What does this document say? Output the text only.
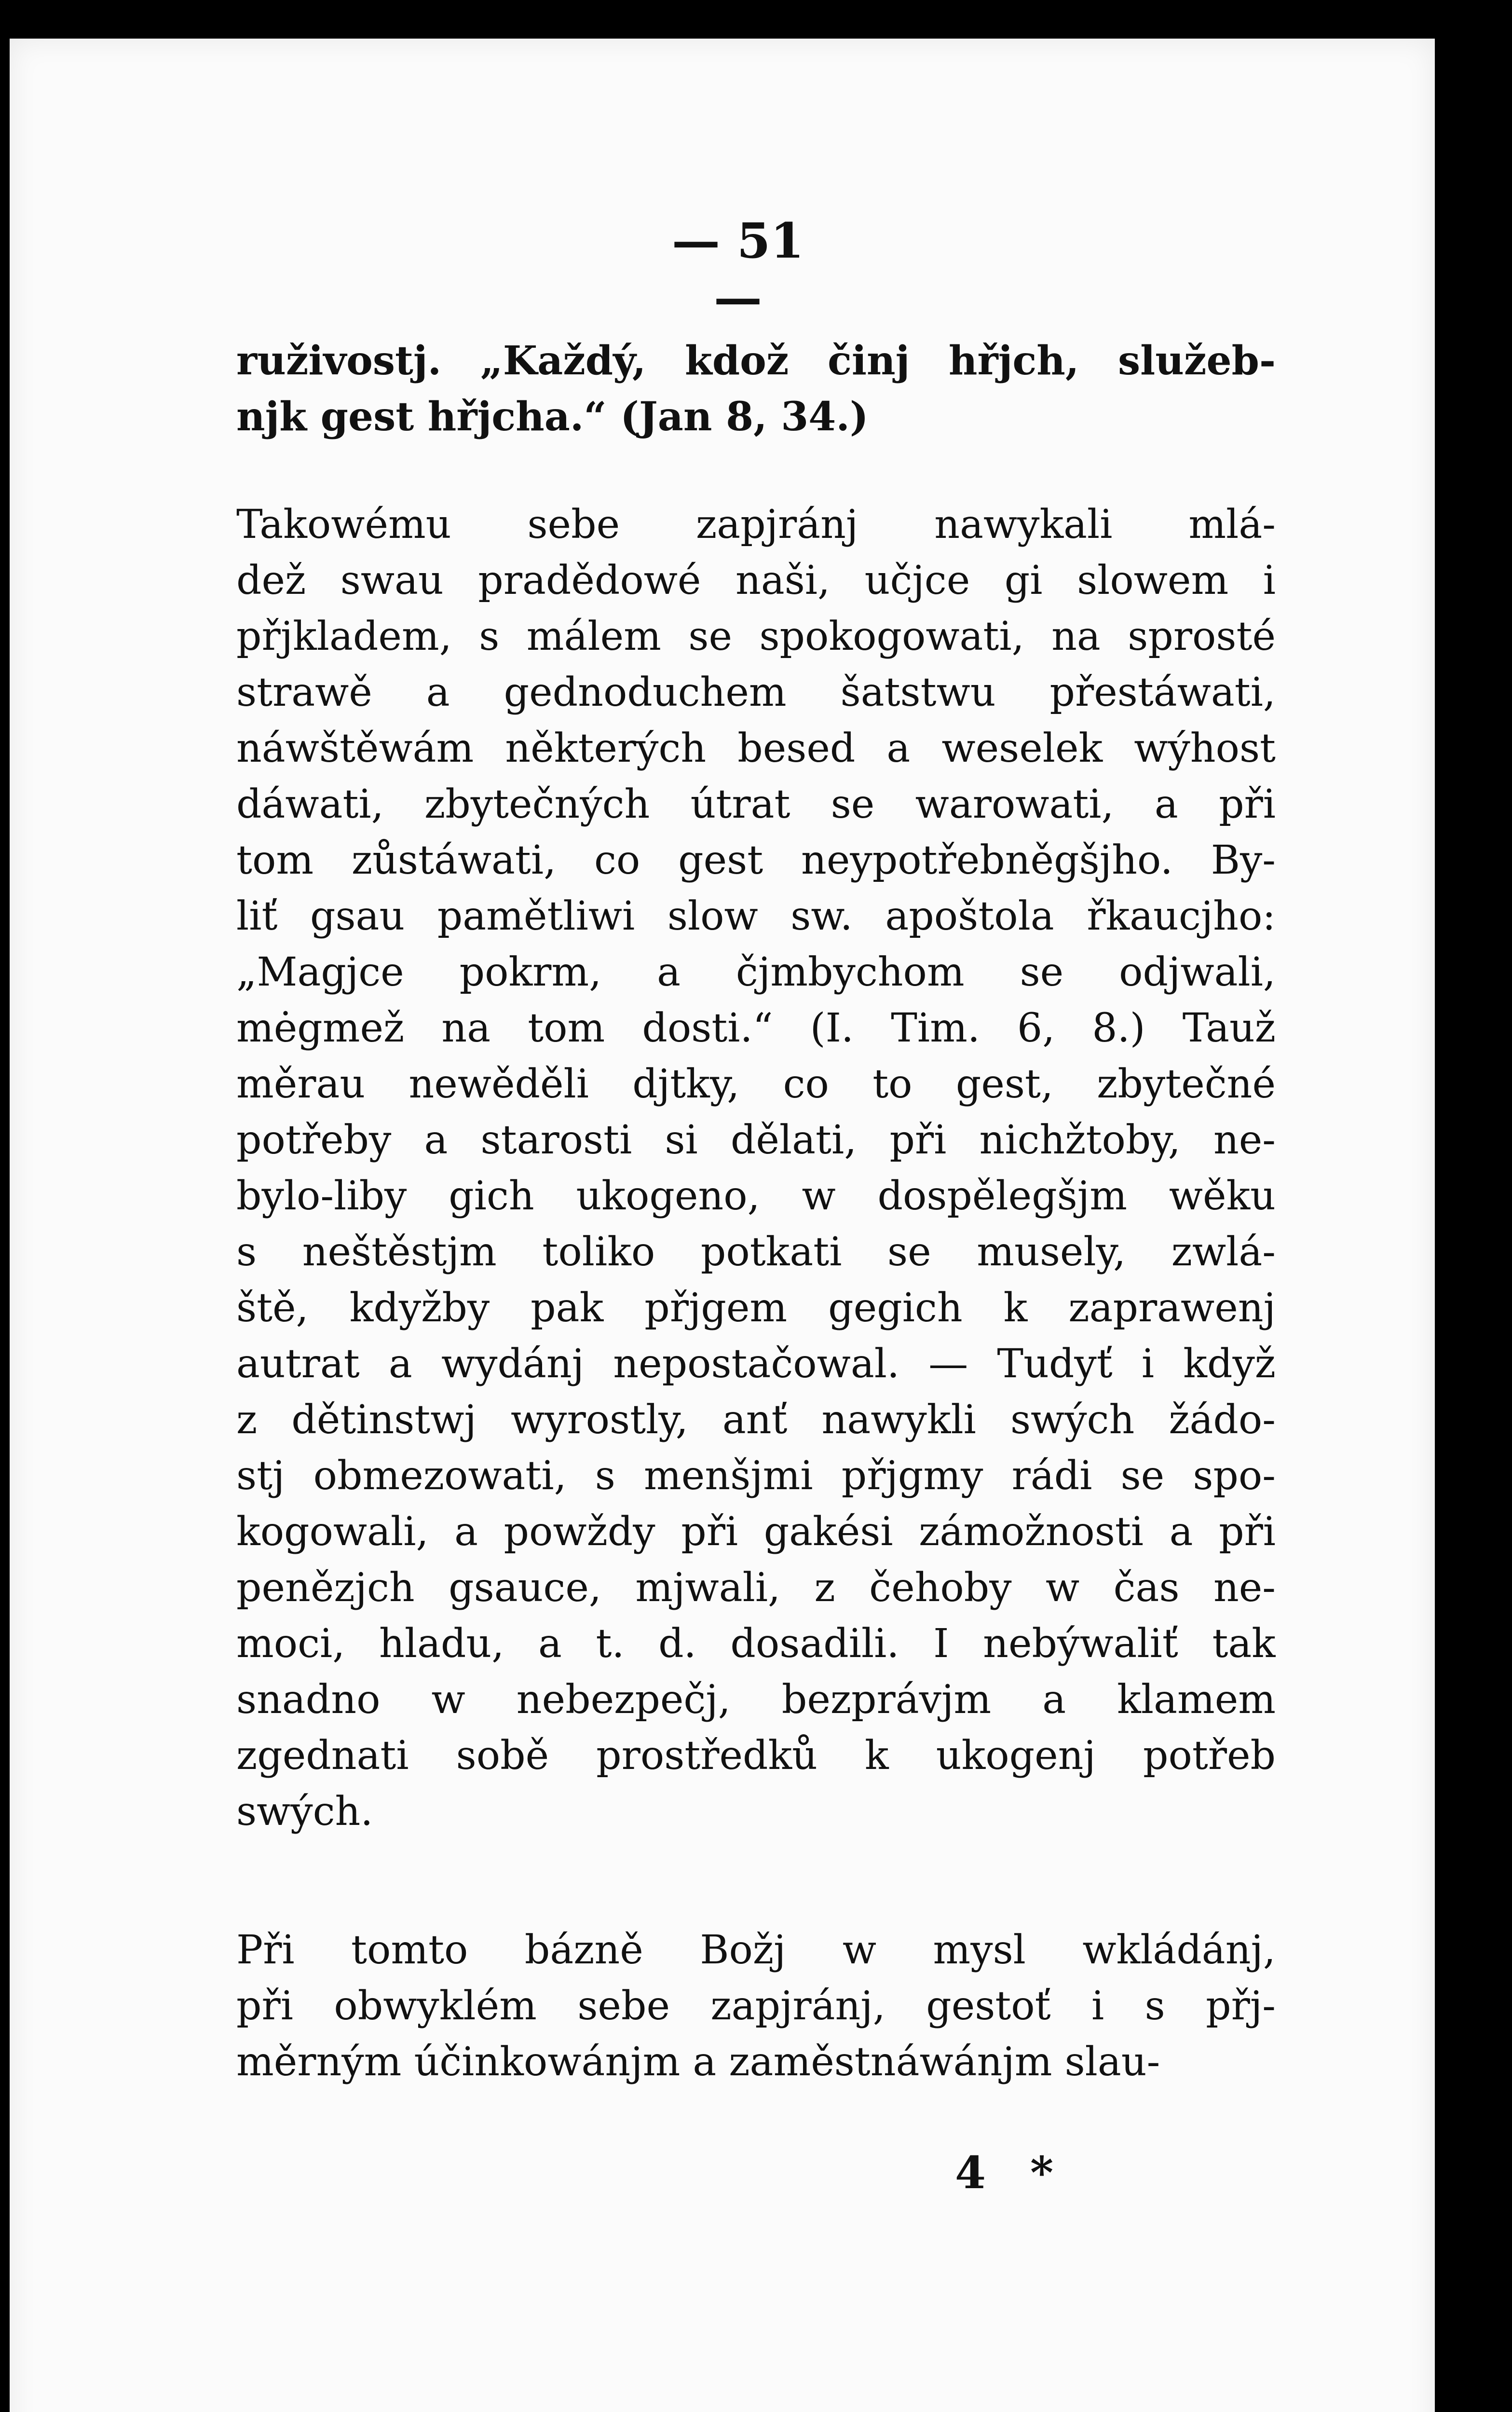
— 51 —
ruživostj. „Každý, kdož činj hřjch, služeb-
njk gest hřjcha.“ (Jan 8, 34.)
Takowému sebe zapjránj nawykali mlá-
dež swau pradědowé naši, učjce gi slowem i
přjkladem, s málem se spokogowati, na sprosté
strawě a gednoduchem šatstwu přestáwati,
náwštěwám některých besed a weselek wýhost
dáwati, zbytečných útrat se warowati, a při
tom zůstáwati, co gest neypotřebněgšjho. By-
liť gsau pamětliwi slow sw. apoštola řkaucjho:
„Magjce pokrm, a čjmbychom se odjwali,
mėgmež na tom dosti.“ (I. Tim. 6, 8.) Tauž
měrau newěděli djtky, co to gest, zbytečné
potřeby a starosti si dělati, při nichžtoby, ne-
bylo-liby gich ukogeno, w dospělegšjm wěku
s neštěstjm toliko potkati se musely, zwlá-
ště, kdyžby pak přjgem gegich k zaprawenj
autrat a wydánj nepostačowal. — Tudyť i když
z dětinstwj wyrostly, anť nawykli swých žádo-
stj obmezowati, s menšjmi přjgmy rádi se spo-
kogowali, a powždy při gakési zámožnosti a při
penězjch gsauce, mjwali, z čehoby w čas ne-
moci, hladu, a t. d. dosadili. I nebýwaliť tak
snadno w nebezpečj, bezprávjm a klamem
zgednati sobě prostředků k ukogenj potřeb
swých.
Při tomto bázně Božj w mysl wkládánj,
při obwyklém sebe zapjránj, gestoť i s přj-
měrným účinkowánjm a zaměstnáwánjm slau-
4 *
